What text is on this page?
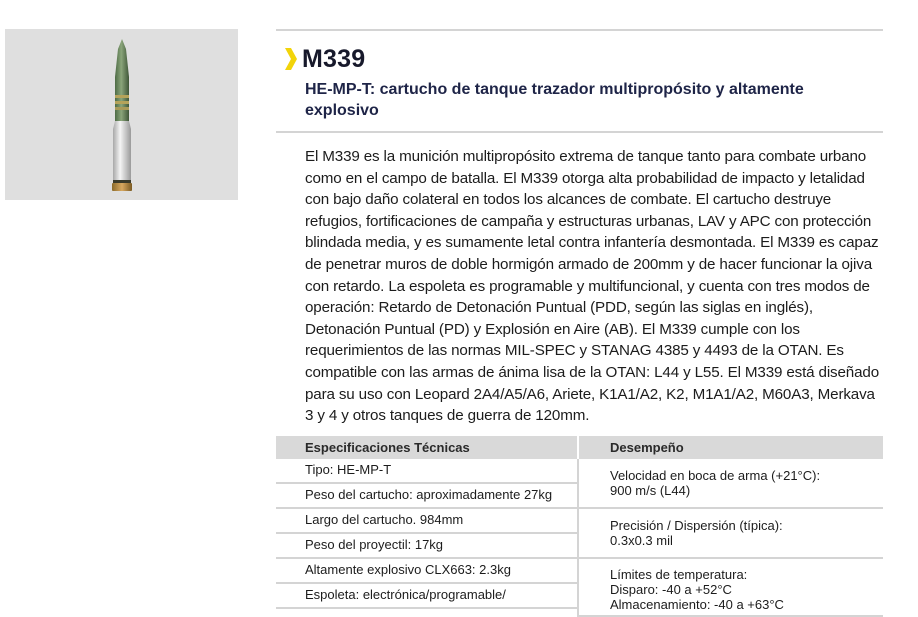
M339
HE-MP-T: cartucho de tanque trazador multipropósito y altamente explosivo
El M339 es la munición multipropósito extrema de tanque tanto para combate urbano como en el campo de batalla. El M339 otorga alta probabilidad de impacto y letalidad con bajo daño colateral en todos los alcances de combate. El cartucho destruye refugios, fortificaciones de campaña y estructuras urbanas, LAV y APC con protección blindada media, y es sumamente letal contra infantería desmontada. El M339 es capaz de penetrar muros de doble hormigón armado de 200mm y de hacer funcionar la ojiva con retardo. La espoleta es programable y multifuncional, y cuenta con tres modos de operación: Retardo de Detonación Puntual (PDD, según las siglas en inglés), Detonación Puntual (PD) y Explosión en Aire (AB). El M339 cumple con los requerimientos de las normas MIL-SPEC y STANAG 4385 y 4493 de la OTAN. Es compatible con las armas de ánima lisa de la OTAN: L44 y L55. El M339 está diseñado para su uso con Leopard 2A4/A5/A6, Ariete, K1A1/A2, K2, M1A1/A2, M60A3, Merkava 3 y 4 y otros tanques de guerra de 120mm.
Especificaciones Técnicas	Desempeño
Tipo: HE-MP-T
Peso del cartucho: aproximadamente 27kg
Largo del cartucho. 984mm
Peso del proyectil: 17kg
Altamente explosivo CLX663: 2.3kg
Espoleta: electrónica/programable/
Velocidad en boca de arma (+21°C):
900 m/s (L44)
Precisión / Dispersión (típica):
0.3x0.3 mil
Límites de temperatura:
Disparo: -40 a +52°C
Almacenamiento: -40 a +63°C
